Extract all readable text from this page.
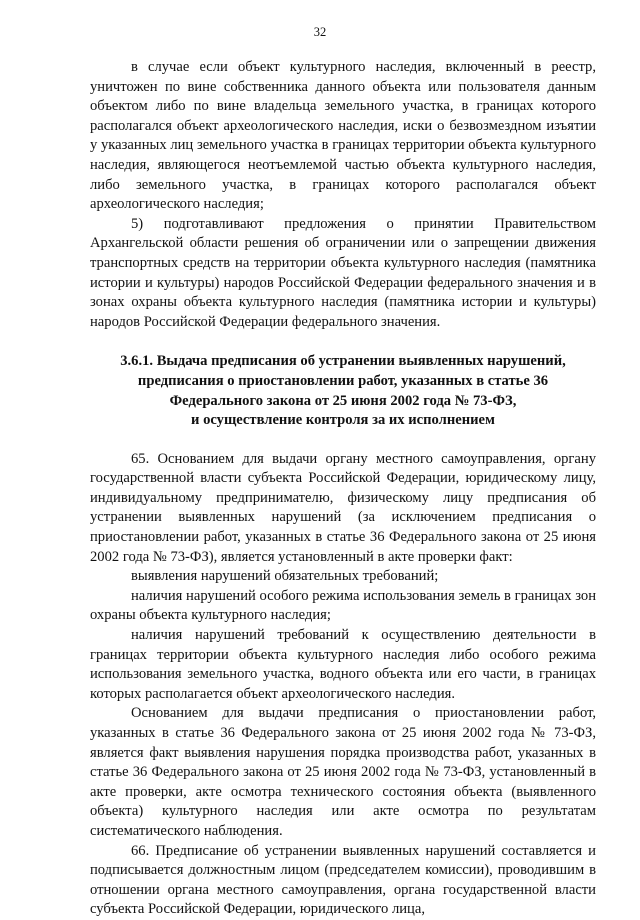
32

в случае если объект культурного наследия, включенный в реестр, уничтожен по вине собственника данного объекта или пользователя данным объектом либо по вине владельца земельного участка, в границах которого располагался объект археологического наследия, иски о безвозмездном изъятии у указанных лиц земельного участка в границах территории объекта культурного наследия, являющегося неотъемлемой частью объекта культурного наследия, либо земельного участка, в границах которого располагался объект археологического наследия;

5) подготавливают предложения о принятии Правительством Архангельской области решения об ограничении или о запрещении движения транспортных средств на территории объекта культурного наследия (памятника истории и культуры) народов Российской Федерации федерального значения и в зонах охраны объекта культурного наследия (памятника истории и культуры) народов Российской Федерации федерального значения.

3.6.1. Выдача предписания об устранении выявленных нарушений,
предписания о приостановлении работ, указанных в статье 36
Федерального закона от 25 июня 2002 года № 73-ФЗ,
и осуществление контроля за их исполнением

65. Основанием для выдачи органу местного самоуправления, органу государственной власти субъекта Российской Федерации, юридическому лицу, индивидуальному предпринимателю, физическому лицу предписания об устранении выявленных нарушений (за исключением предписания о приостановлении работ, указанных в статье 36 Федерального закона от 25 июня 2002 года № 73-ФЗ), является установленный в акте проверки факт:

выявления нарушений обязательных требований;

наличия нарушений особого режима использования земель в границах зон охраны объекта культурного наследия;

наличия нарушений требований к осуществлению деятельности в границах территории объекта культурного наследия либо особого режима использования земельного участка, водного объекта или его части, в границах которых располагается объект археологического наследия.

Основанием для выдачи предписания о приостановлении работ, указанных в статье 36 Федерального закона от 25 июня 2002 года № 73-ФЗ, является факт выявления нарушения порядка производства работ, указанных в статье 36 Федерального закона от 25 июня 2002 года № 73-ФЗ, установленный в акте проверки, акте осмотра технического состояния объекта (выявленного объекта) культурного наследия или акте осмотра по результатам систематического наблюдения.

66. Предписание об устранении выявленных нарушений составляется и подписывается должностным лицом (председателем комиссии), проводившим в отношении органа местного самоуправления, органа государственной власти субъекта Российской Федерации, юридического лица,
